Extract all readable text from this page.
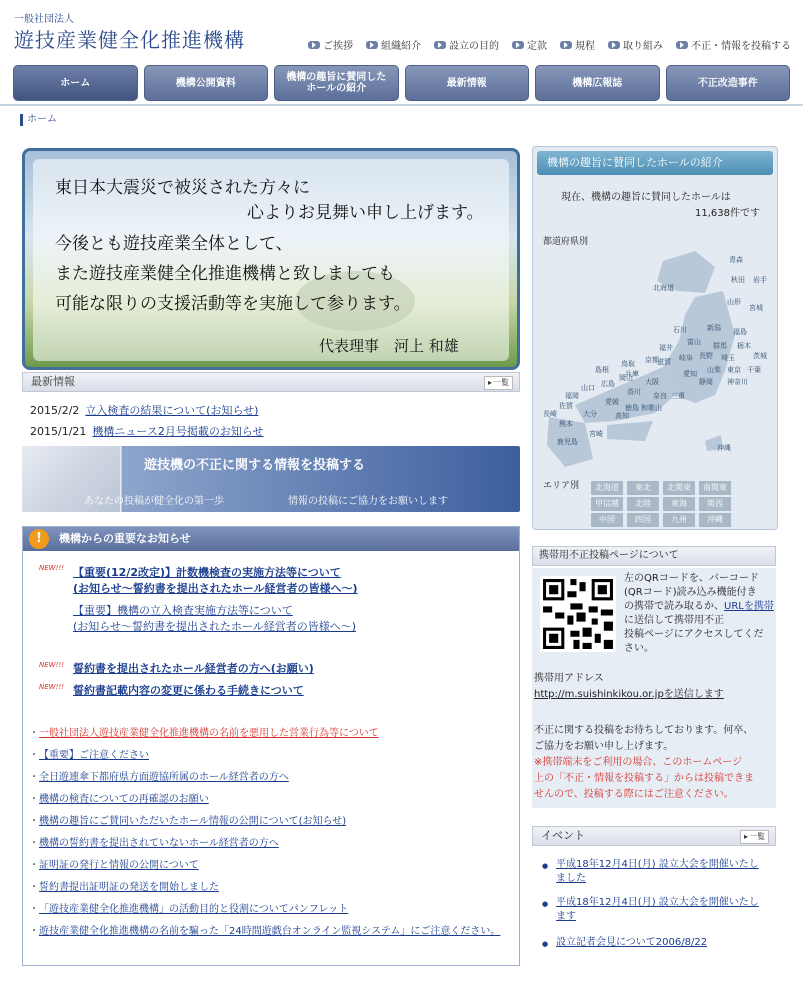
一般社団法人
遊技産業健全化推進機構	ご挨拶	組織紹介	設立の目的	定款	規程	取り組み	不正・情報を投稿する
ホーム	機構公開資料	機構の趣旨に賛同した
ホールの紹介	最新情報	機構広報誌	不正改造事件
ホーム
東日本大震災で被災された方々に
心よりお見舞い申し上げます。
今後とも遊技産業全体として、
また遊技産業健全化推進機構と致しましても
可能な限りの支援活動等を実施して参ります。
代表理事　河上 和雄
最新情報	▸ 一覧
2015/2/2 立入検査の結果について(お知らせ)
2015/1/21 機構ニュース2月号掲載のお知らせ
遊技機の不正に関する情報を投稿する
あなたの投稿が健全化の第一歩	情報の投稿にご協力をお願いします
!	機構からの重要なお知らせ
NEW!!! 【重要(12/2改定)】計数機検査の実施方法等について
(お知らせ～誓約書を提出されたホール経営者の皆様へ～)
【重要】機構の立入検査実施方法等について
(お知らせ～誓約書を提出されたホール経営者の皆様へ～)
NEW!!! 誓約書を提出されたホール経営者の方へ(お願い)
NEW!!! 誓約書記載内容の変更に係わる手続きについて
・ 一般社団法人遊技産業健全化推進機構の名前を悪用した営業行為等について
・ 【重要】ご注意ください
・ 全日遊連傘下都府県方面遊協所属のホール経営者の方へ
・ 機構の検査についての再確認のお願い
・ 機構の趣旨にご賛同いただいたホール情報の公開について(お知らせ)
・ 機構の誓約書を提出されていないホール経営者の方へ
・ 証明証の発行と情報の公開について
・ 誓約書提出証明証の発送を開始しました
・ 「遊技産業健全化推進機構」の活動目的と役割についてパンフレット
・ 遊技産業健全化推進機構の名前を騙った「24時間遊戯台オンライン監視システム」にご注意ください。
機構の趣旨に賛同したホールの紹介
現在、機構の趣旨に賛同したホールは
11,638件です
都道府県別
北海道
青森
秋田 岩手
山形
宮城
新潟 福島
石川
福井
富山
長野
群馬 栃木
茨城
埼玉
千葉
東京
神奈川
山梨
静岡
愛知
岐阜
三重
滋賀
京都
大阪
兵庫
奈良
和歌山
鳥取
島根
岡山
広島
山口	香川
徳島
愛媛
高知
福岡
佐賀
長崎	大分
熊本
宮崎
鹿児島
沖縄
エリア別	北海道	東北	北関東	南関東
甲信越	北陸	東海	関西
中国	四国	九州	沖縄
携帯用不正投稿ページについて
左のQRコードを、バーコード
(QRコード)読み込み機能付き
の携帯で読み取るか、URLを携帯
に送信して携帯用不正
投稿ページにアクセスしてくだ
さい。
携帯用アドレス
http://m.suishinkikou.or.jpを送信します
不正に関する投稿をお待ちしております。何卒、
ご協力をお願い申し上げます。
※携帯端末をご利用の場合、このホームページ
上の「不正・情報を投稿する」からは投稿できま
せんので、投稿する際にはご注意ください。
イベント	▸ 一覧
● 平成18年12月4日(月) 設立大会を開催いたしました
● 平成18年12月4日(月) 設立大会を開催いたします
● 設立記者会見について2006/8/22
